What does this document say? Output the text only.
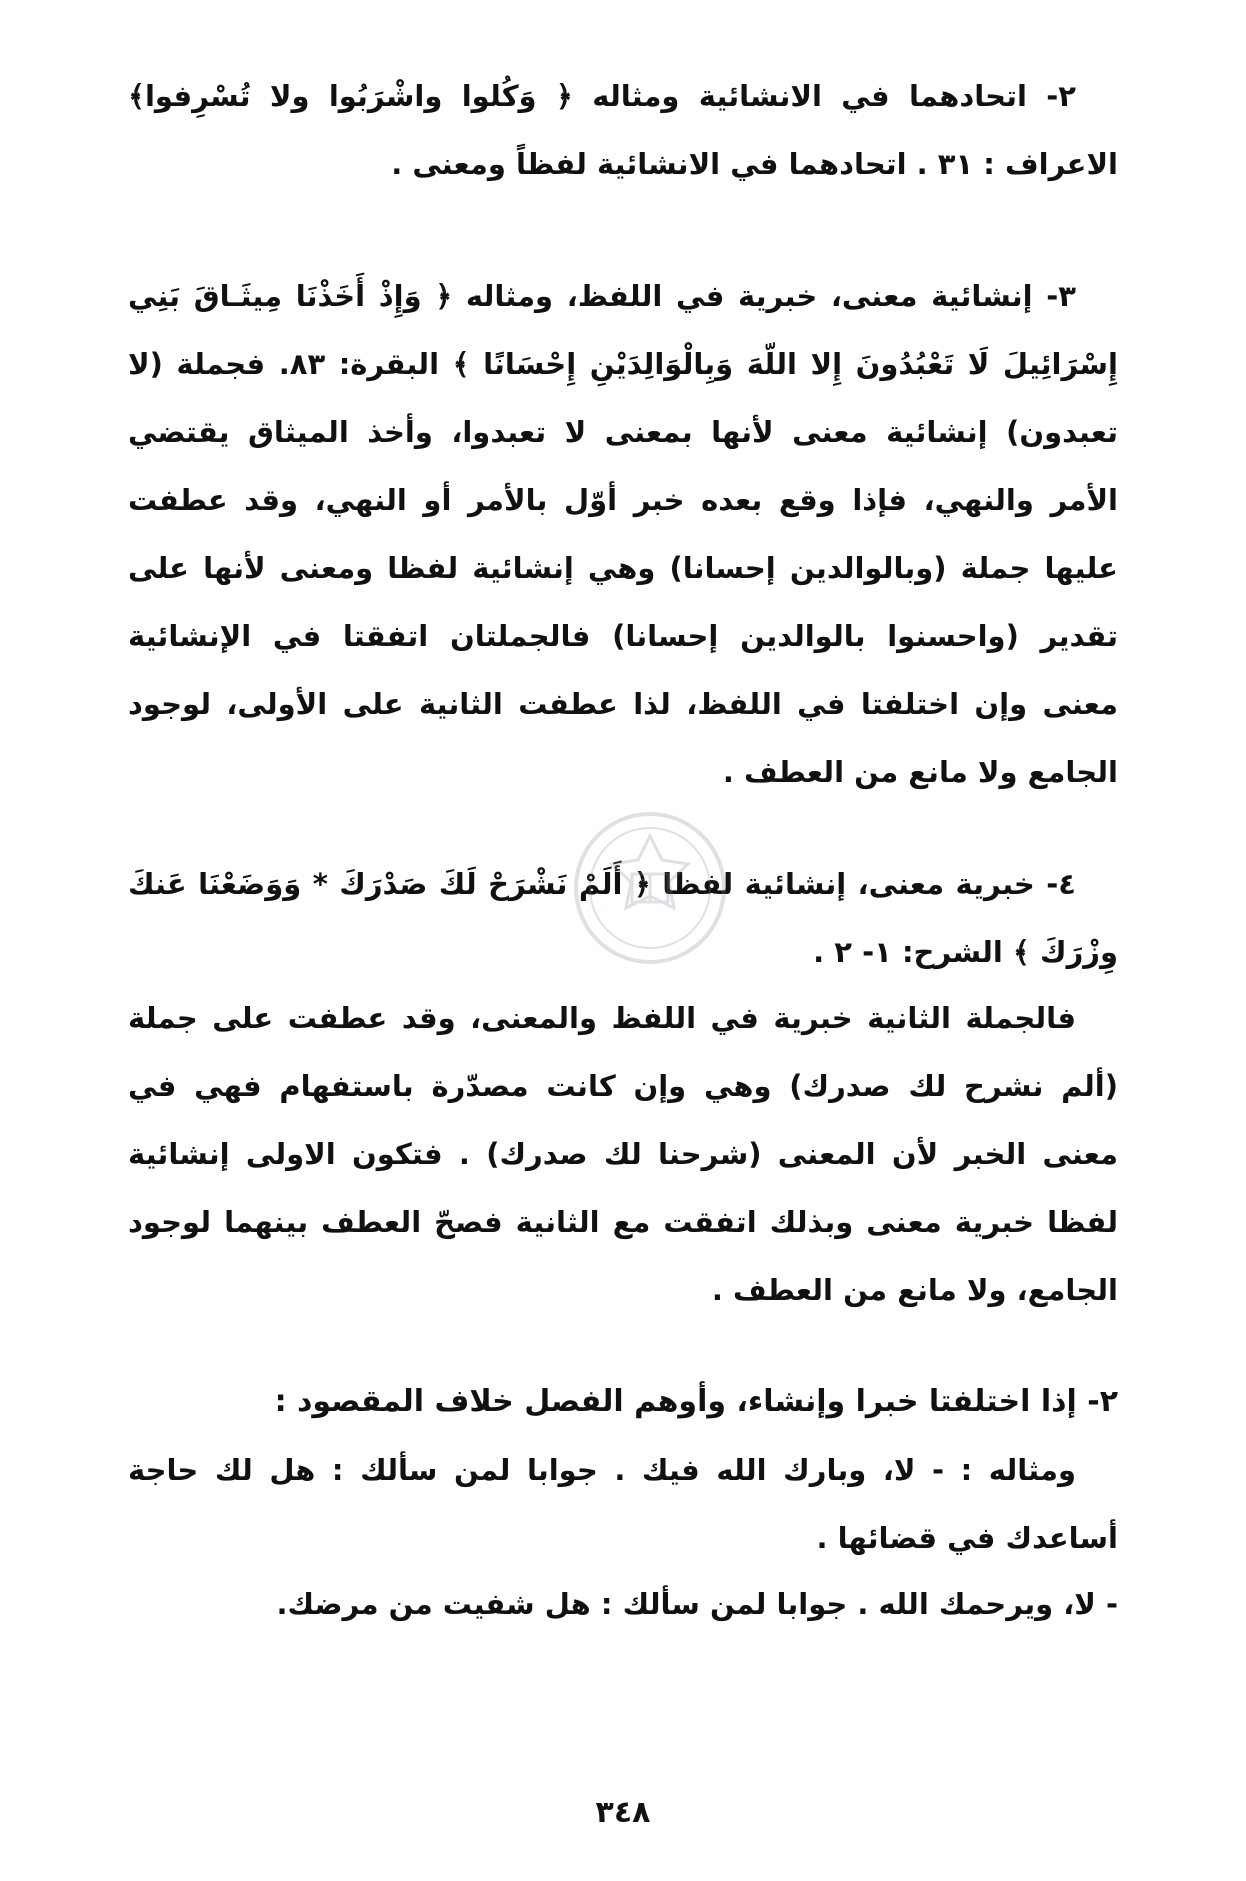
٢- اتحادهما في الانشائية ومثاله ﴿ وَكُلوا واشْرَبُوا ولا تُسْرِفوا﴾ الاعراف : ٣١ . اتحادهما في الانشائية لفظاً ومعنى .

٣- إنشائية معنى، خبرية في اللفظ، ومثاله ﴿ وَإِذْ أَخَذْنَا مِيثَـاقَ بَنِي إِسْرَائِيلَ لَا تَعْبُدُونَ إِلا اللّهَ وَبِالْوَالِدَيْنِ إِحْسَانًا ﴾ البقرة: ٨٣. فجملة (لا تعبدون) إنشائية معنى لأنها بمعنى لا تعبدوا، وأخذ الميثاق يقتضي الأمر والنهي، فإذا وقع بعده خبر أوّل بالأمر أو النهي، وقد عطفت عليها جملة (وبالوالدين إحسانا) وهي إنشائية لفظا ومعنى لأنها على تقدير (واحسنوا بالوالدين إحسانا) فالجملتان اتفقتا في الإنشائية معنى وإن اختلفتا في اللفظ، لذا عطفت الثانية على الأولى، لوجود الجامع ولا مانع من العطف .

٤- خبرية معنى، إنشائية لفظا ﴿ أَلَمْ نَشْرَحْ لَكَ صَدْرَكَ * وَوَضَعْنَا عَنكَ وِزْرَكَ ﴾ الشرح: ١- ٢ .

فالجملة الثانية خبرية في اللفظ والمعنى، وقد عطفت على جملة (ألم نشرح لك صدرك) وهي وإن كانت مصدّرة باستفهام فهي في معنى الخبر لأن المعنى (شرحنا لك صدرك) . فتكون الاولى إنشائية لفظا خبرية معنى وبذلك اتفقت مع الثانية فصحّ العطف بينهما لوجود الجامع، ولا مانع من العطف .

٢- إذا اختلفتا خبرا وإنشاء، وأوهم الفصل خلاف المقصود :

ومثاله : - لا، وبارك الله فيك . جوابا لمن سألك : هل لك حاجة أساعدك في قضائها .

- لا، ويرحمك الله . جوابا لمن سألك : هل شفيت من مرضك.

٣٤٨
